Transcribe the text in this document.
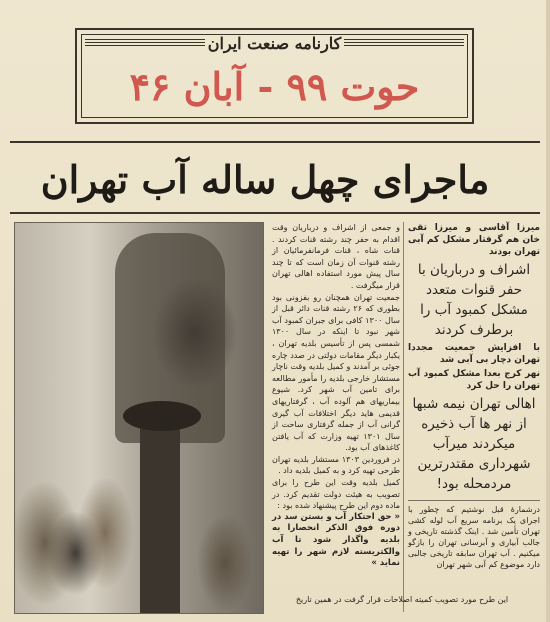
کارنامه صنعت ایران
حوت ۹۹ - آبان ۴۶
ماجرای چهل ساله آب تهران

و جمعی از اشراف و درباریان وقت اقدام به حفر چند رشته قنات کردند . قنات شاه ، قنات فرمانفرمائیان از رشته قنوات آن زمان است که تا چند سال پیش مورد استفاده اهالی تهران قرار میگرفت .

جمعیت تهران همچنان رو بفزونی بود بطوری که ۲۶ رشته قنات دائر قبل از سال ۱۳۰۰ کافی برای جبران کمبود آب شهر نبود تا اینکه در سال ۱۳۰۰ شمسی پس از تأسیس بلدیه تهران ، یکبار دیگر مقامات دولتی در صدد چاره جوئی بر آمدند و کمیل بلدیه وقت ناچار مستشار خارجی بلدیه را مأمور مطالعه برای تامین آب شهر کرد. شیوع بیماریهای هم آلوده آب ، گرفتاریهای قدیمی هاید دیگر اختلافات آب گیری گرانی آب از جمله گرفتاری ساحت از سال ۱۳۰۱ تهیه وزارت که آب یافتن کاغذهای آب بود.

در فروردین ۱۳۰۳ مستشار بلدیه تهران طرحی تهیه کرد و به کمیل بلدیه داد .

کمیل بلدیه وقت این طرح را برای تصویب به هیئت دولت تقدیم کرد. در ماده دوم این طرح پیشنهاد شده بود :

« حق احتکار آب و بستن سد در دوره فوق الذکر انحصارا به بلدیه واگذار شود تا آب والکتریسته لازم شهر را تهیه نماید »

میرزا آقاسی و میرزا تقی خان هم گرفتار مشکل کم آبی تهران بودند

اشراف و درباریان با حفر قنوات متعدد مشکل کمبود آب را برطرف کردند

با افزایش جمعیت مجددا تهران دچار بی آبی شد

نهر کرج بعدا مشکل کمبود آب تهران را حل کرد

اهالی تهران نیمه شبها از نهر ها آب ذخیره میکردند میرآب شهرداری مقتدرترین مردمحله بود!

درشمارۀ قبل نوشتیم که چطور با اجرای یک برنامه سریع آب لوله کشی تهران تأمین شد . اینک گذشته تاریخی و جالب آبیاری و آبرسانی تهران را بازگو میکنیم . آب تهران سابقه تاریخی جالبی دارد موضوع کم آبی شهر تهران

این طرح مورد تصویب کمیته اصلاحات قرار گرفت در همین تاریخ
